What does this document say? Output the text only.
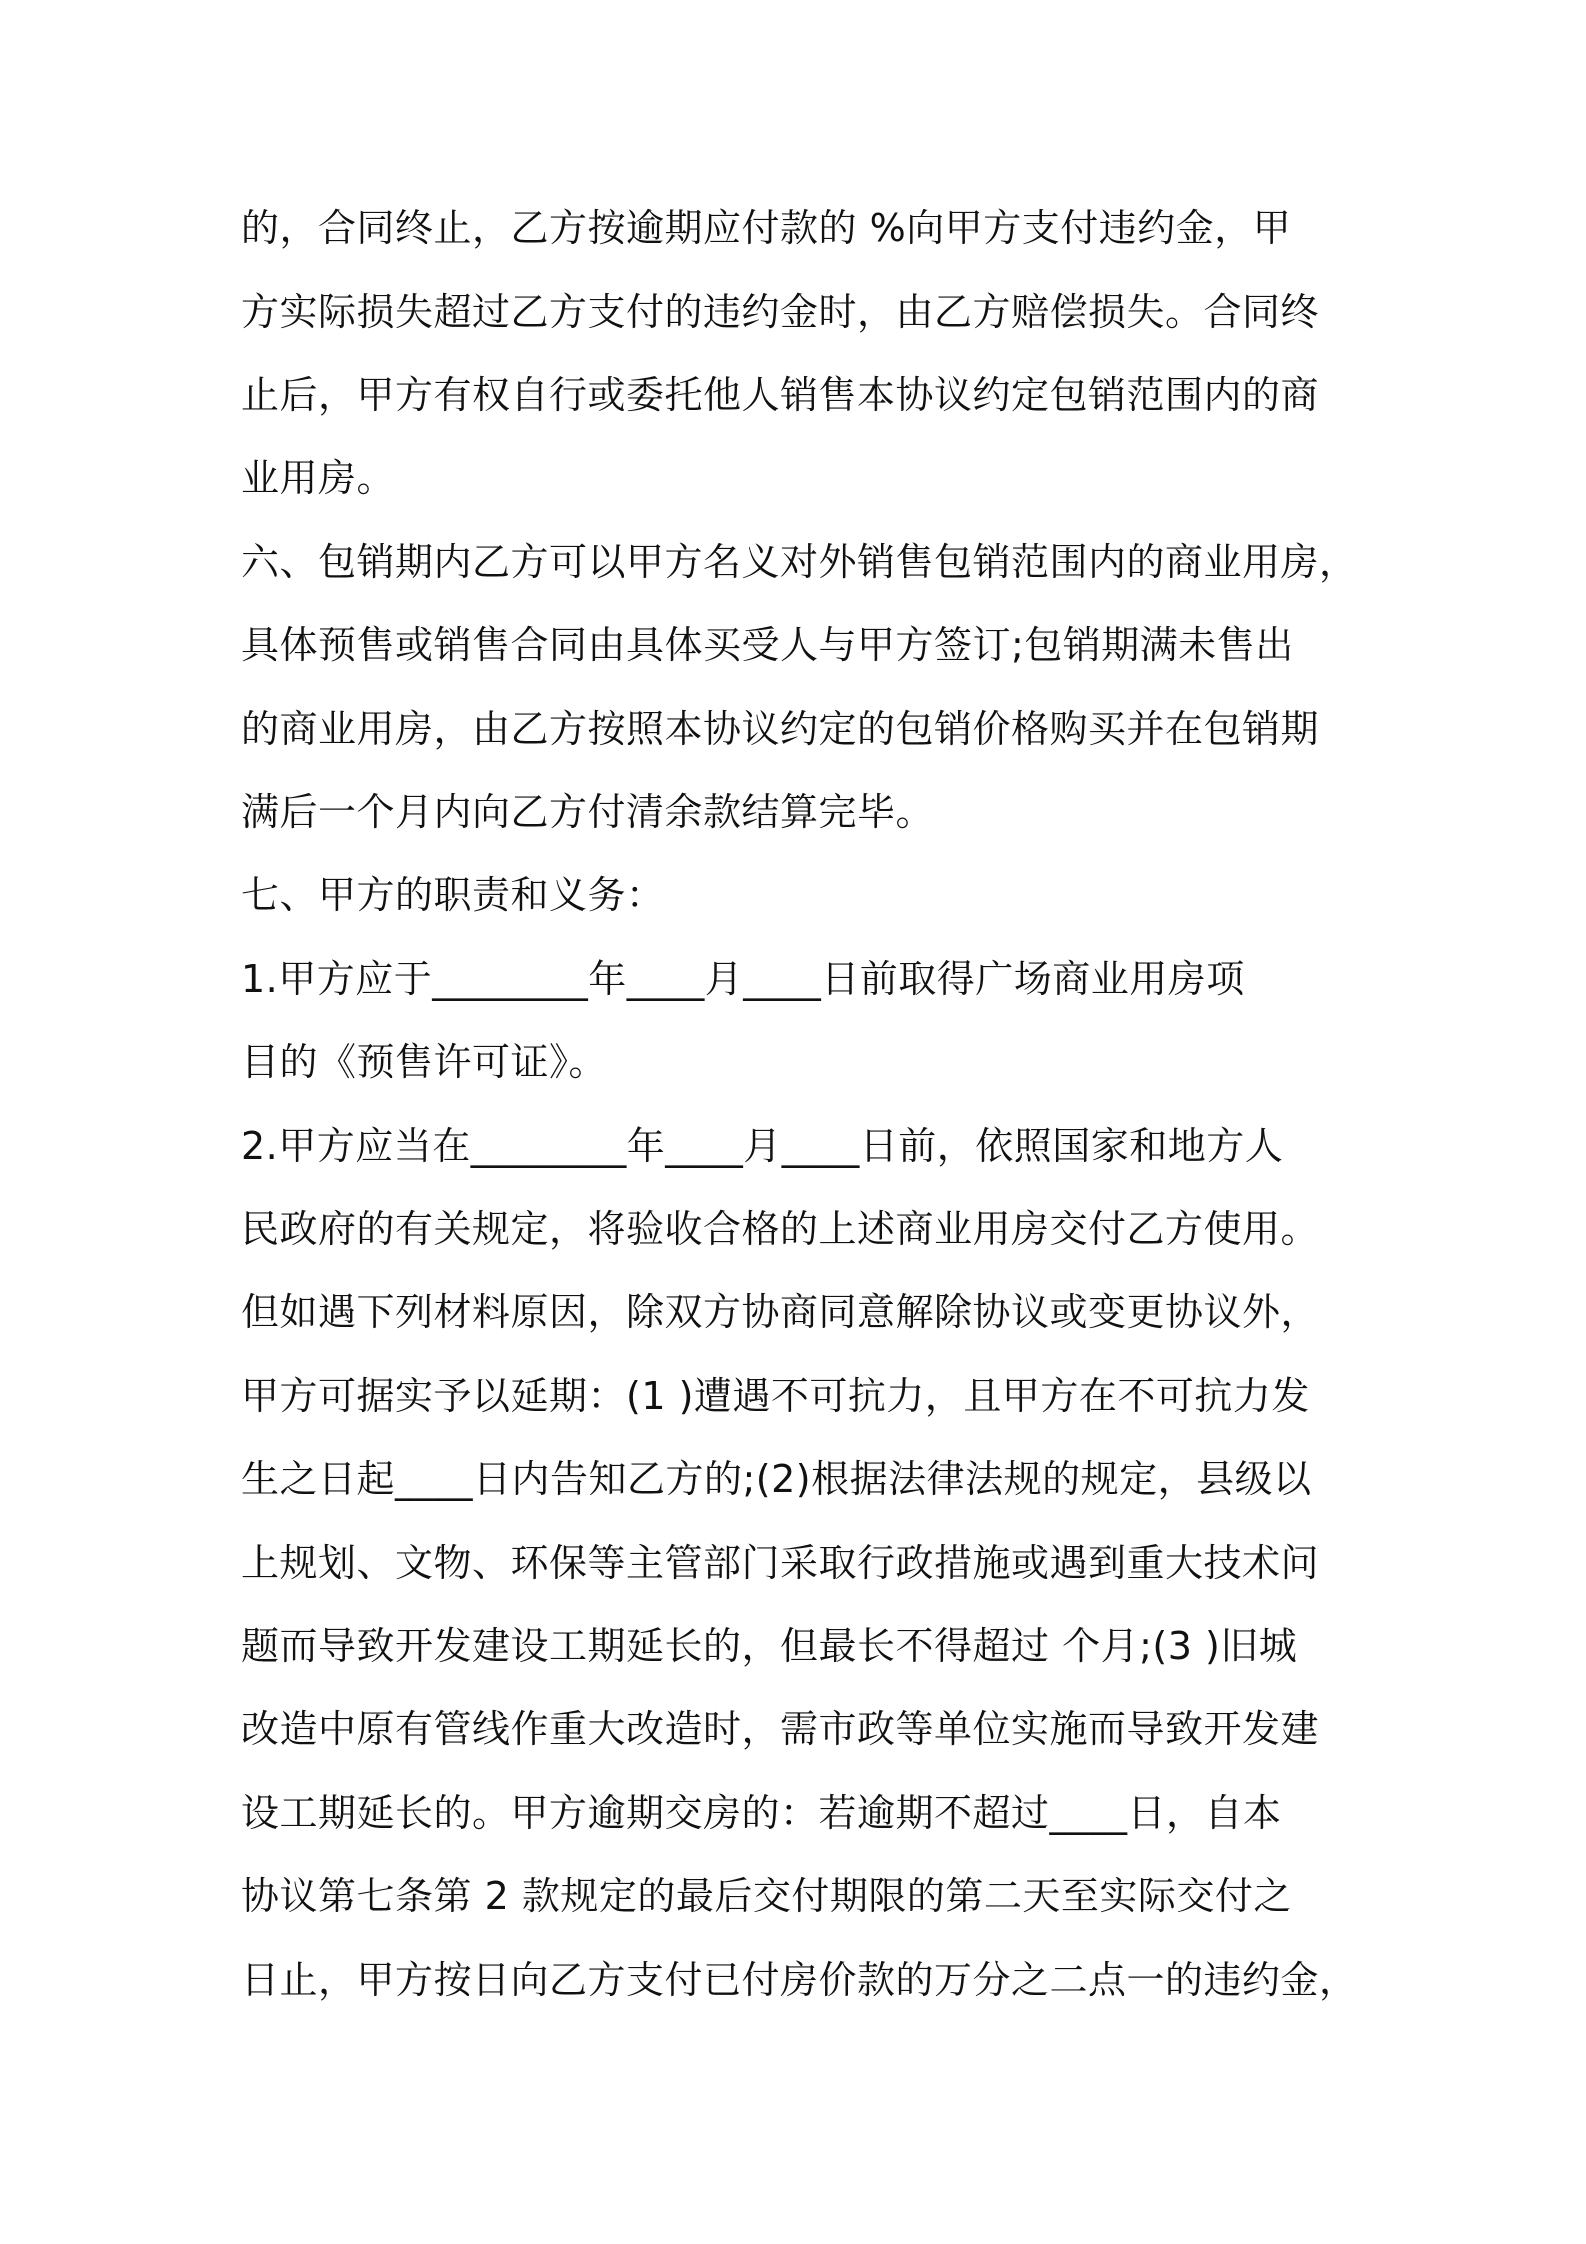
的，合同终止，乙方按逾期应付款的 %向甲方支付违约金，甲
方实际损失超过乙方支付的违约金时，由乙方赔偿损失。合同终
止后，甲方有权自行或委托他人销售本协议约定包销范围内的商
业用房。
六、包销期内乙方可以甲方名义对外销售包销范围内的商业用房，
具体预售或销售合同由具体买受人与甲方签订;包销期满未售出
的商业用房，由乙方按照本协议约定的包销价格购买并在包销期
满后一个月内向乙方付清余款结算完毕。
七、甲方的职责和义务：
1.甲方应于________年____月____日前取得广场商业用房项
目的《预售许可证》。
2.甲方应当在________年____月____日前，依照国家和地方人
民政府的有关规定，将验收合格的上述商业用房交付乙方使用。
但如遇下列材料原因，除双方协商同意解除协议或变更协议外，
甲方可据实予以延期：(1 )遭遇不可抗力，且甲方在不可抗力发
生之日起____日内告知乙方的;(2)根据法律法规的规定，县级以
上规划、文物、环保等主管部门采取行政措施或遇到重大技术问
题而导致开发建设工期延长的，但最长不得超过 个月;(3 )旧城
改造中原有管线作重大改造时，需市政等单位实施而导致开发建
设工期延长的。甲方逾期交房的：若逾期不超过____日，自本
协议第七条第 2 款规定的最后交付期限的第二天至实际交付之
日止，甲方按日向乙方支付已付房价款的万分之二点一的违约金，
